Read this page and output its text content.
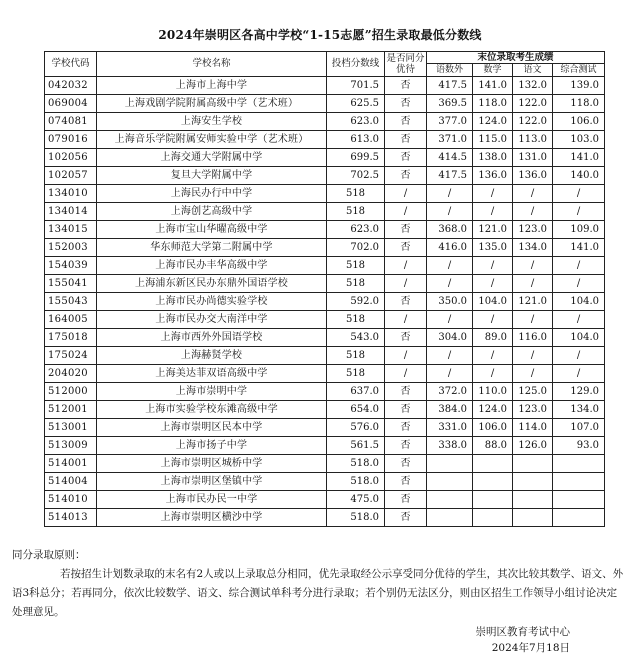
2024年崇明区各高中学校“1-15志愿”招生录取最低分数线
学校代码	学校名称	投档分数线	是否同分优待	末位录取考生成绩			
				语数外	数学	语文	综合测试
042032	上海市上海中学	701.5	否	417.5	141.0	132.0	139.0
069004	上海戏剧学院附属高级中学（艺术班）	625.5	否	369.5	118.0	122.0	118.0
074081	上海安生学校	623.0	否	377.0	124.0	122.0	106.0
079016	上海音乐学院附属安师实验中学（艺术班）	613.0	否	371.0	115.0	113.0	103.0
102056	上海交通大学附属中学	699.5	否	414.5	138.0	131.0	141.0
102057	复旦大学附属中学	702.5	否	417.5	136.0	136.0	140.0
134010	上海民办行中中学	518	/	/	/	/	/
134014	上海创艺高级中学	518	/	/	/	/	/
134015	上海市宝山华曜高级中学	623.0	否	368.0	121.0	123.0	109.0
152003	华东师范大学第二附属中学	702.0	否	416.0	135.0	134.0	141.0
154039	上海市民办丰华高级中学	518	/	/	/	/	/
155041	上海浦东新区民办东鼎外国语学校	518	/	/	/	/	/
155043	上海市民办尚德实验学校	592.0	否	350.0	104.0	121.0	104.0
164005	上海市民办交大南洋中学	518	/	/	/	/	/
175018	上海市西外外国语学校	543.0	否	304.0	89.0	116.0	104.0
175024	上海赫贤学校	518	/	/	/	/	/
204020	上海美达菲双语高级中学	518	/	/	/	/	/
512000	上海市崇明中学	637.0	否	372.0	110.0	125.0	129.0
512001	上海市实验学校东滩高级中学	654.0	否	384.0	124.0	123.0	134.0
513001	上海市崇明区民本中学	576.0	否	331.0	106.0	114.0	107.0
513009	上海市扬子中学	561.5	否	338.0	88.0	126.0	93.0
514001	上海市崇明区城桥中学	518.0	否				
514004	上海市崇明区堡镇中学	518.0	否				
514010	上海市民办民一中学	475.0	否				
514013	上海市崇明区横沙中学	518.0	否				
同分录取原则：
若按招生计划数录取的末名有2人或以上录取总分相同，优先录取经公示享受同分优待的学生，其次比较其数学、语文、外语3科总分；若再同分，依次比较数学、语文、综合测试单科考分进行录取；若个别仍无法区分，则由区招生工作领导小组讨论决定处理意见。
崇明区教育考试中心
2024年7月18日
